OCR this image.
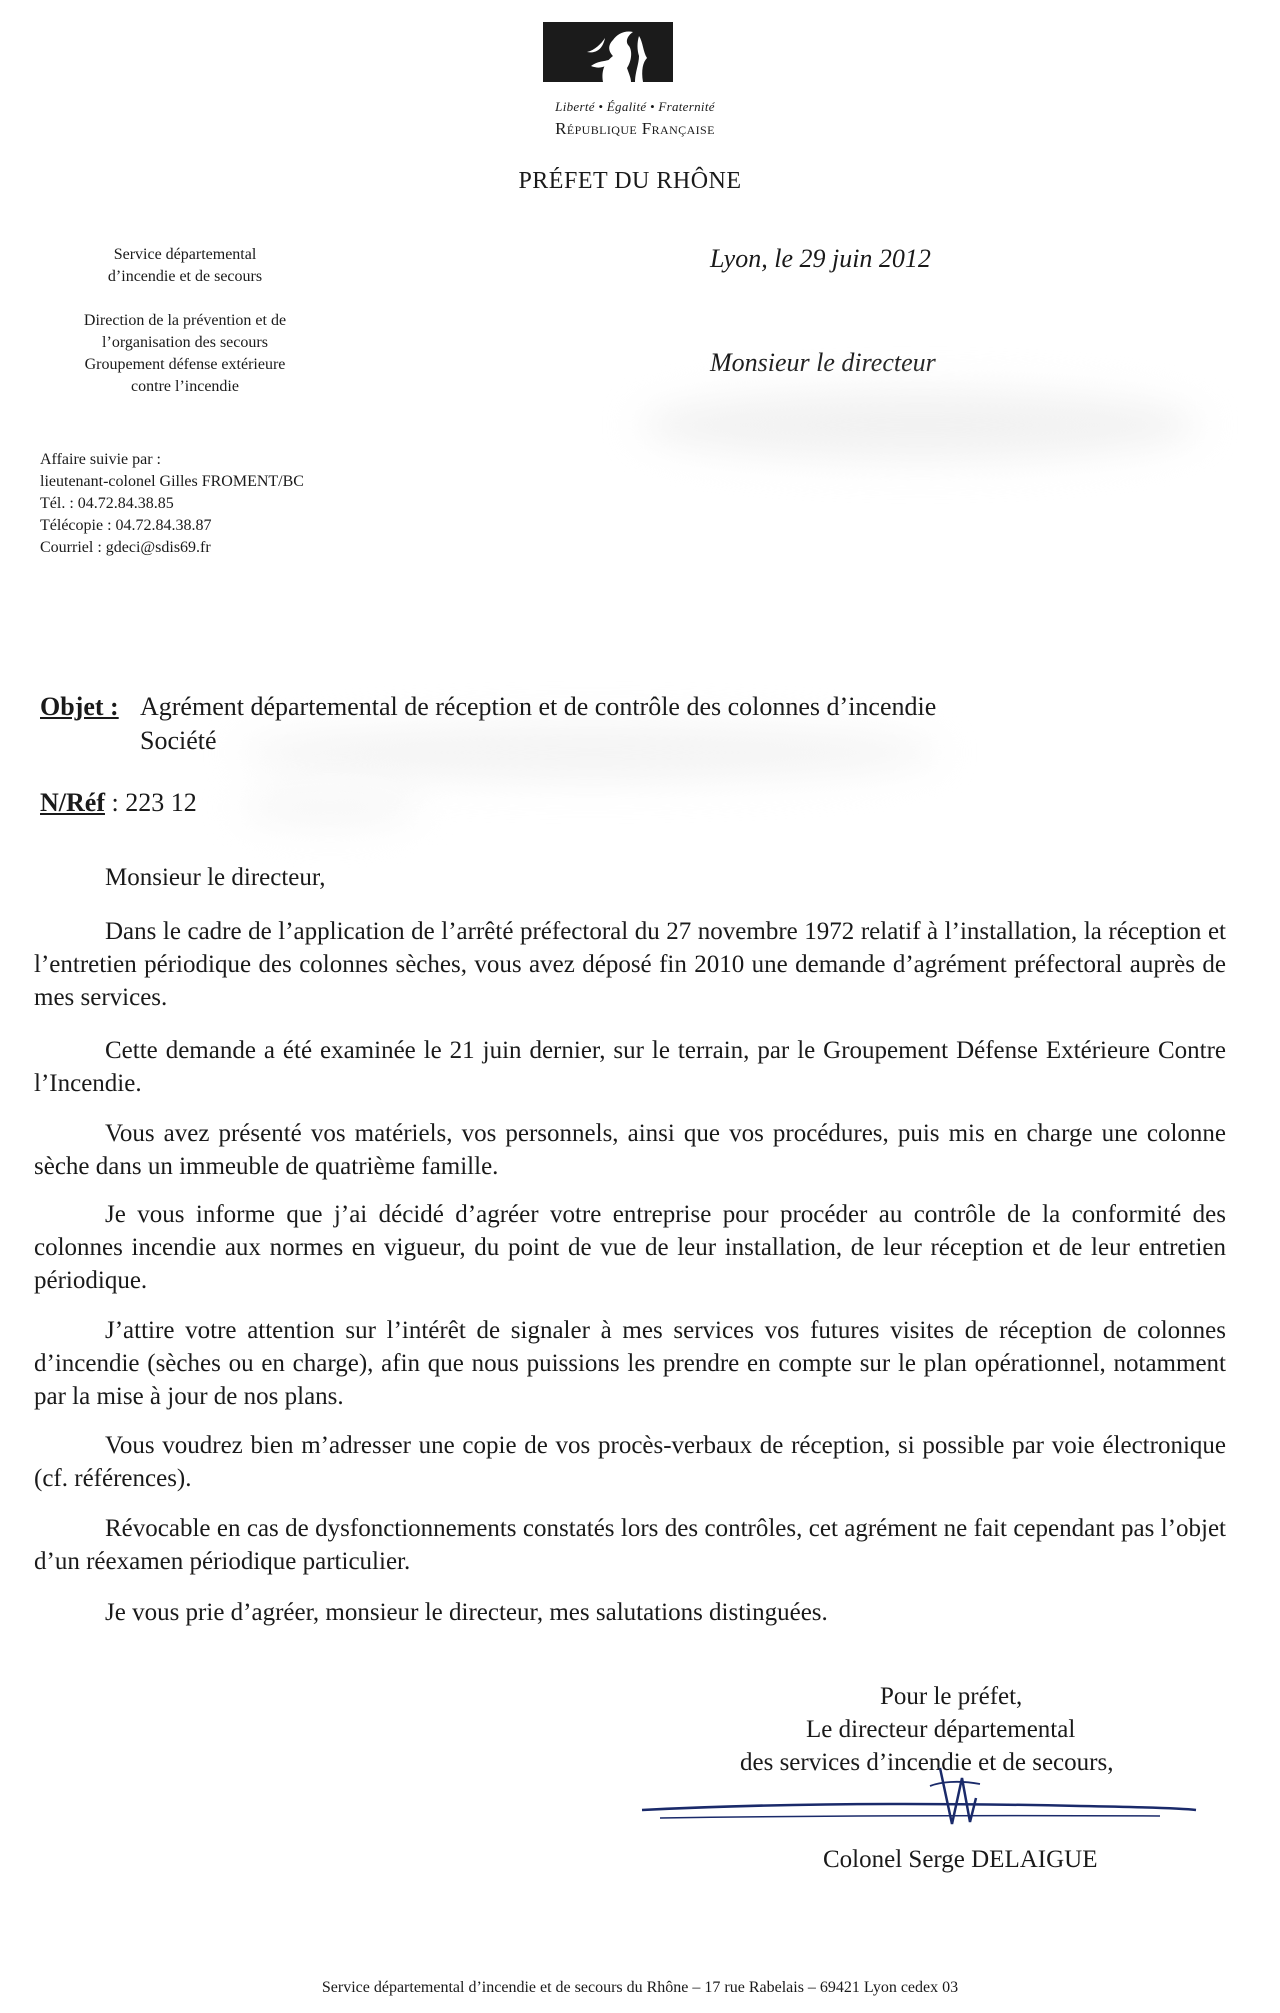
Liberté • Égalité • Fraternité
République Française
PRÉFET DU RHÔNE
Service départemental
d’incendie et de secours
Direction de la prévention et de
l’organisation des secours
Groupement défense extérieure
contre l’incendie
Affaire suivie par :
lieutenant-colonel Gilles FROMENT/BC
Tél. : 04.72.84.38.85
Télécopie : 04.72.84.38.87
Courriel : gdeci@sdis69.fr
Lyon, le 29 juin 2012
Monsieur le directeur
Objet : Agrément départemental de réception et de contrôle des colonnes d’incendie
Société
N/Réf : 223 12
Monsieur le directeur,

Dans le cadre de l’application de l’arrêté préfectoral du 27 novembre 1972 relatif à l’installation, la réception et l’entretien périodique des colonnes sèches, vous avez déposé fin 2010 une demande d’agrément préfectoral auprès de mes services.

Cette demande a été examinée le 21 juin dernier, sur le terrain, par le Groupement Défense Extérieure Contre l’Incendie.

Vous avez présenté vos matériels, vos personnels, ainsi que vos procédures, puis mis en charge une colonne sèche dans un immeuble de quatrième famille.

Je vous informe que j’ai décidé d’agréer votre entreprise pour procéder au contrôle de la conformité des colonnes incendie aux normes en vigueur, du point de vue de leur installation, de leur réception et de leur entretien périodique.

J’attire votre attention sur l’intérêt de signaler à mes services vos futures visites de réception de colonnes d’incendie (sèches ou en charge), afin que nous puissions les prendre en compte sur le plan opérationnel, notamment par la mise à jour de nos plans.

Vous voudrez bien m’adresser une copie de vos procès-verbaux de réception, si possible par voie électronique (cf. références).

Révocable en cas de dysfonctionnements constatés lors des contrôles, cet agrément ne fait cependant pas l’objet d’un réexamen périodique particulier.

Je vous prie d’agréer, monsieur le directeur, mes salutations distinguées.

Pour le préfet,
Le directeur départemental
des services d’incendie et de secours,
Colonel Serge DELAIGUE
Service départemental d’incendie et de secours du Rhône – 17 rue Rabelais – 69421 Lyon cedex 03
